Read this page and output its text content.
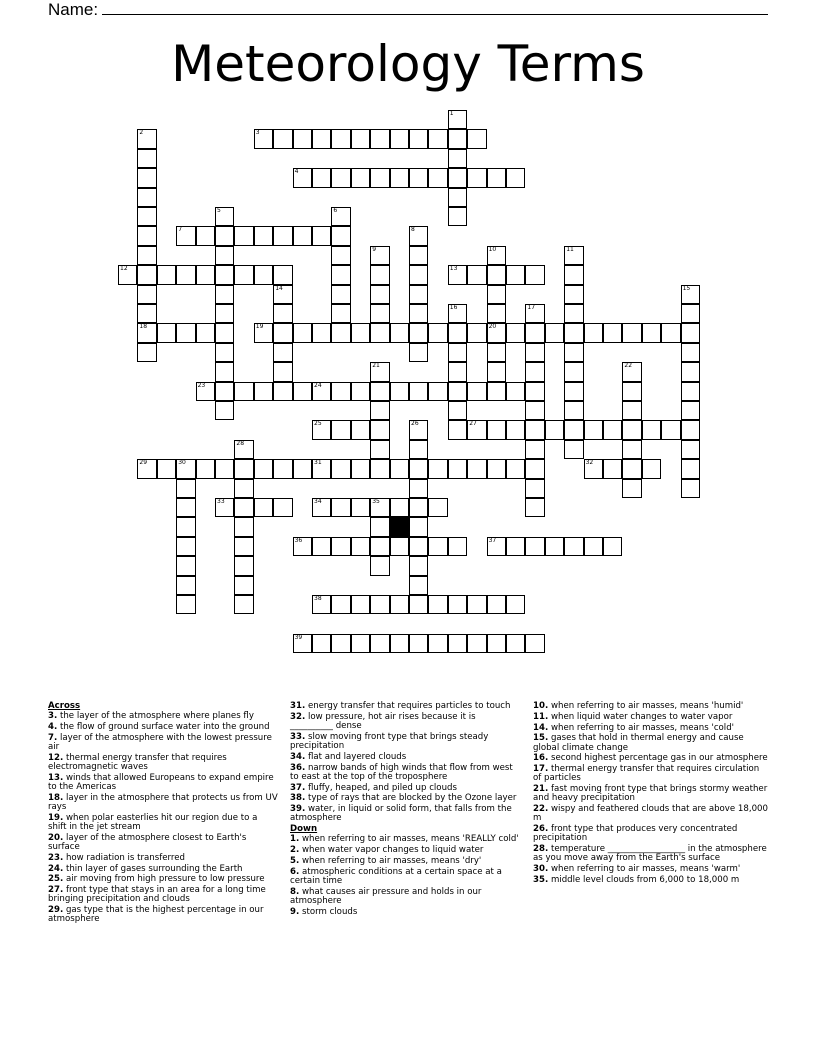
Name:
Meteorology Terms
3
4
7
12	13
18	19	20
23	24
25	27
29	30	31	32
33	34	35
36	37
38
39
1
2
5	6
8
9	10	11
14	15
16	17
21	22
26
28
Across
3. the layer of the atmosphere where planes fly
4. the flow of ground surface water into the ground
7. layer of the atmosphere with the lowest pressure air
12. thermal energy transfer that requires electromagnetic waves
13. winds that allowed Europeans to expand empire to the Americas
18. layer in the atmosphere that protects us from UV rays
19. when polar easterlies hit our region due to a shift in the jet stream
20. layer of the atmosphere closest to Earth's surface
23. how radiation is transferred
24. thin layer of gases surrounding the Earth
25. air moving from high pressure to low pressure
27. front type that stays in an area for a long time bringing precipitation and clouds
29. gas type that is the highest percentage in our atmosphere
31. energy transfer that requires particles to touch
32. low pressure, hot air rises because it is __________ dense
33. slow moving front type that brings steady precipitation
34. flat and layered clouds
36. narrow bands of high winds that flow from west to east at the top of the troposphere
37. fluffy, heaped, and piled up clouds
38. type of rays that are blocked by the Ozone layer
39. water, in liquid or solid form, that falls from the atmosphere
Down
1. when referring to air masses, means 'REALLY cold'
2. when water vapor changes to liquid water
5. when referring to air masses, means 'dry'
6. atmospheric conditions at a certain space at a certain time
8. what causes air pressure and holds in our atmosphere
9. storm clouds
10. when referring to air masses, means 'humid'
11. when liquid water changes to water vapor
14. when referring to air masses, means 'cold'
15. gases that hold in thermal energy and cause global climate change
16. second highest percentage gas in our atmosphere
17. thermal energy transfer that requires circulation of particles
21. fast moving front type that brings stormy weather and heavy precipitation
22. wispy and feathered clouds that are above 18,000 m
26. front type that produces very concentrated precipitation
28. temperature __________________ in the atmosphere as you move away from the Earth's surface
30. when referring to air masses, means 'warm'
35. middle level clouds from 6,000 to 18,000 m
